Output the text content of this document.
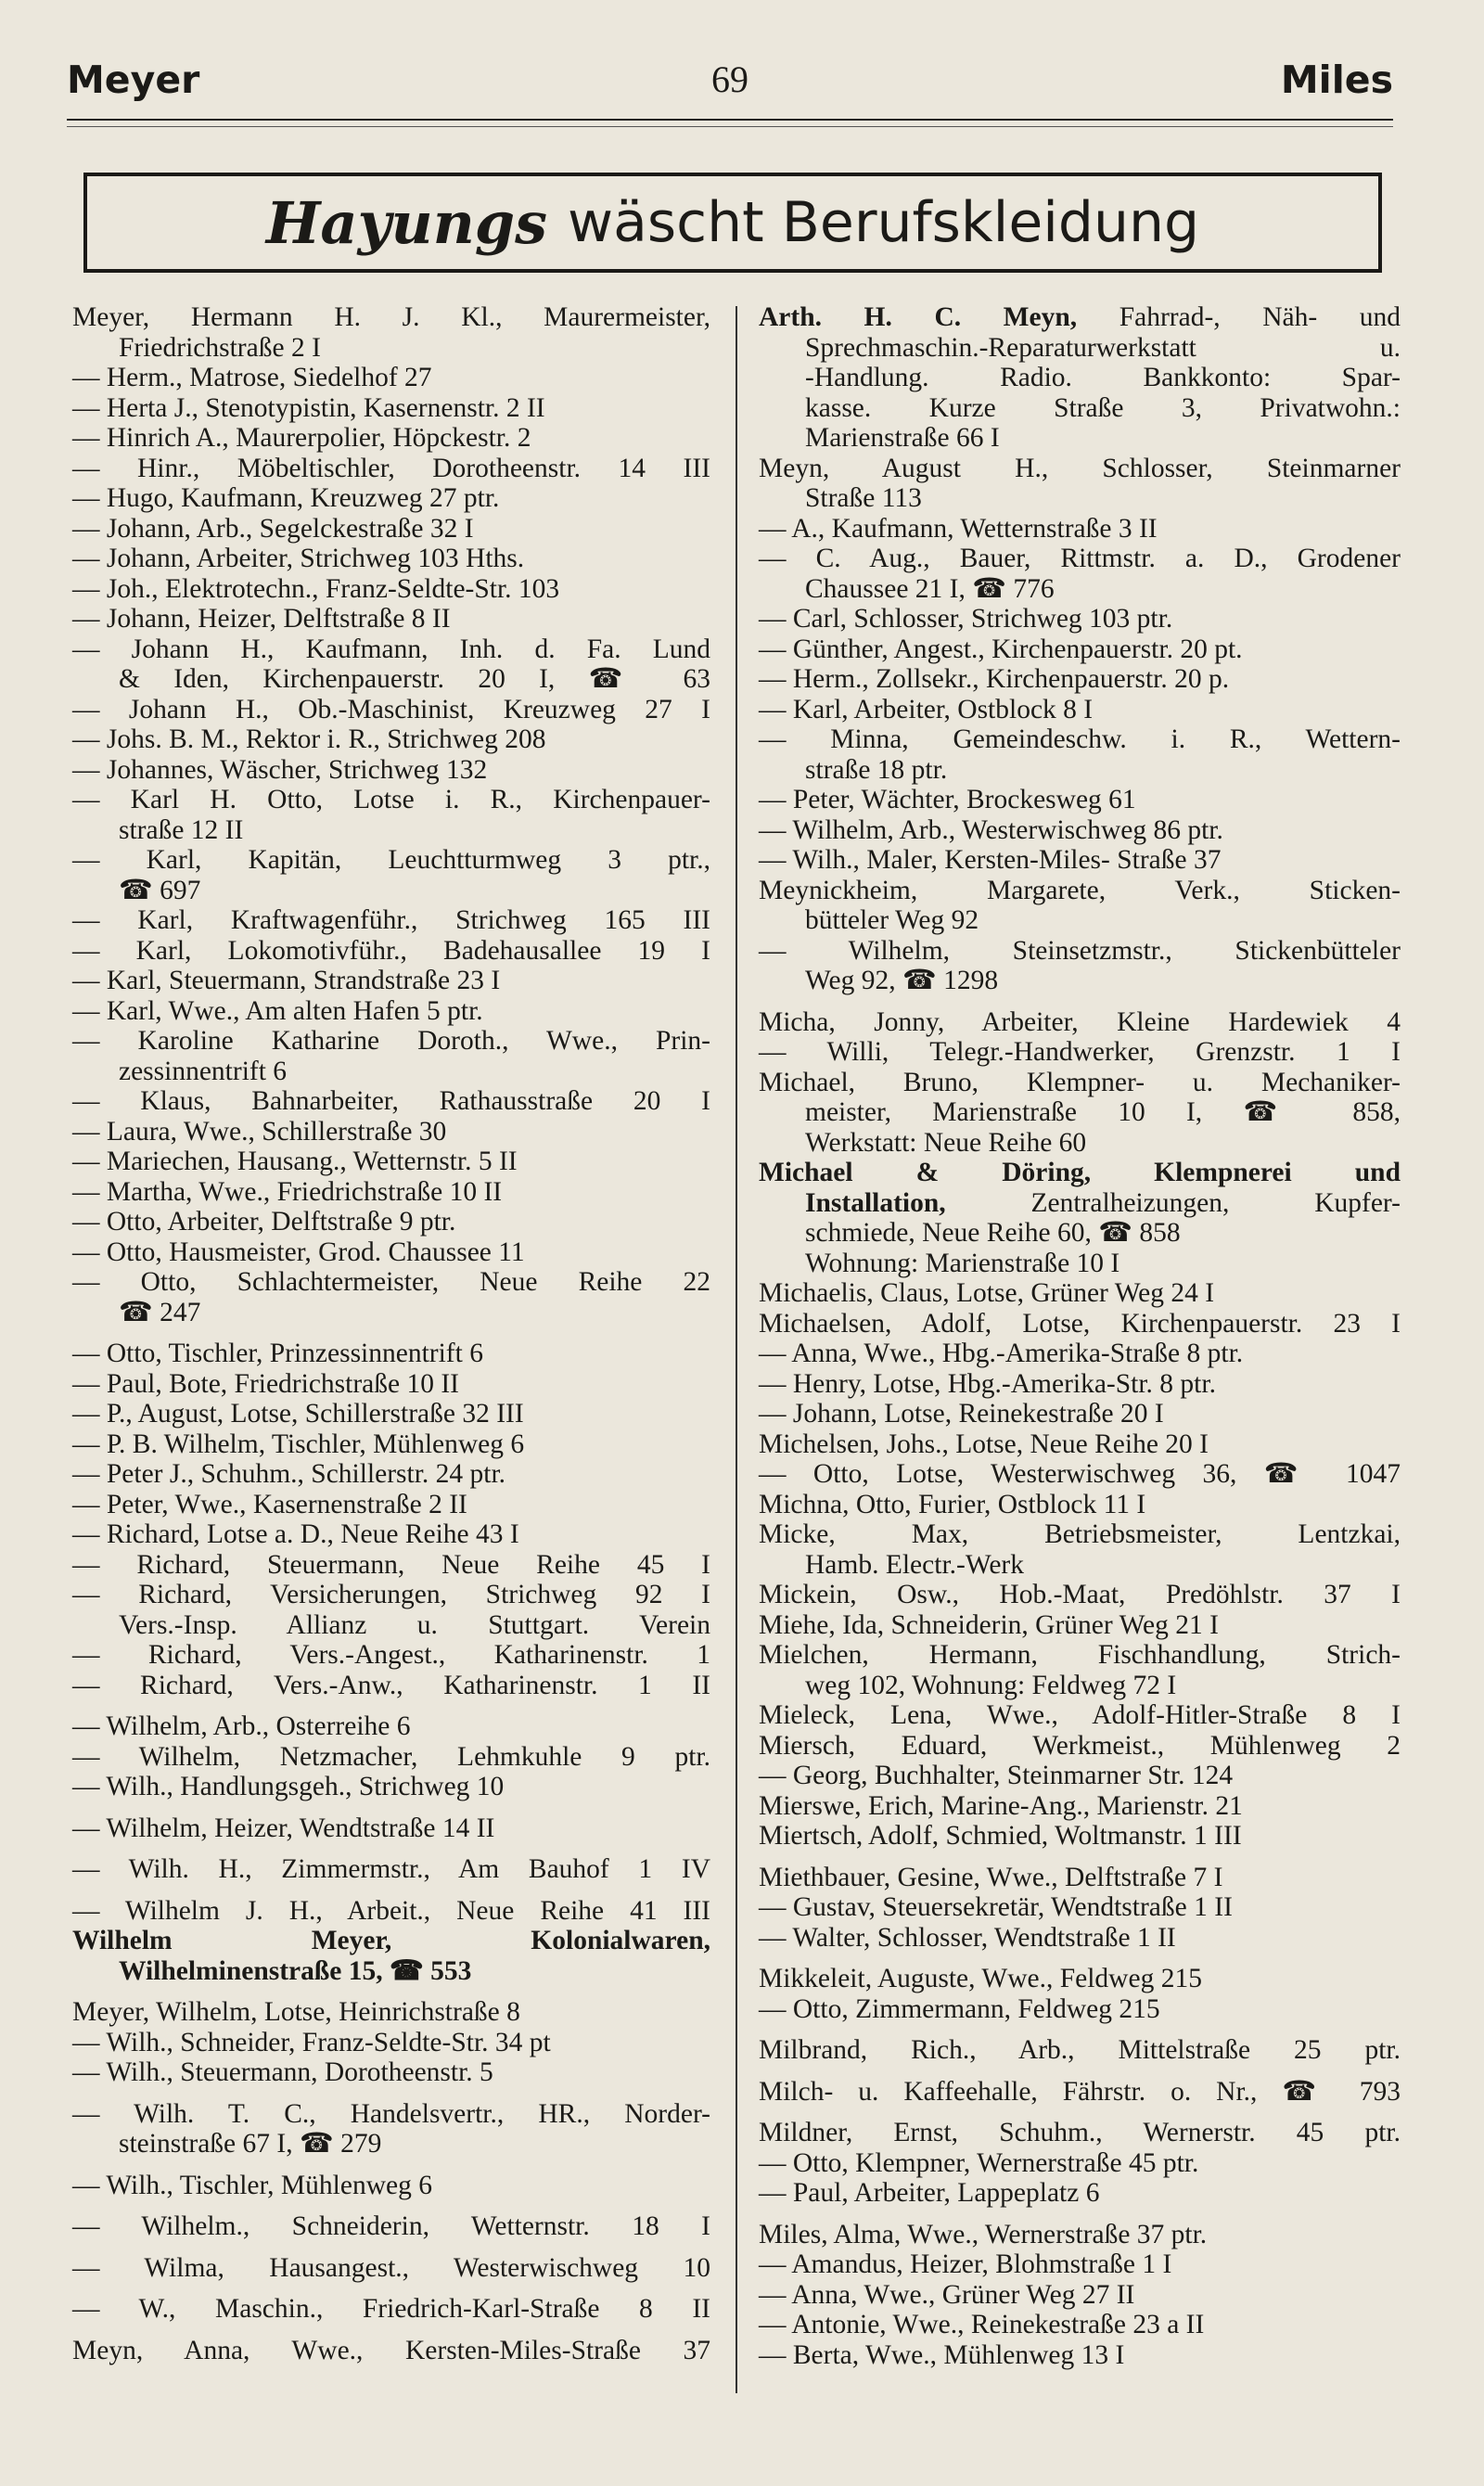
Meyer	69	Miles
Hayungs wäscht Berufskleidung
Meyer, Hermann H. J. Kl., Maurermeister,
Friedrichstraße 2 I
— Herm., Matrose, Siedelhof 27
— Herta J., Stenotypistin, Kasernenstr. 2 II
— Hinrich A., Maurerpolier, Höpckestr. 2
— Hinr., Möbeltischler, Dorotheenstr. 14 III
— Hugo, Kaufmann, Kreuzweg 27 ptr.
— Johann, Arb., Segelckestraße 32 I
— Johann, Arbeiter, Strichweg 103 Hths.
— Joh., Elektrotechn., Franz-Seldte-Str. 103
— Johann, Heizer, Delftstraße 8 II
— Johann H., Kaufmann, Inh. d. Fa. Lund
& Iden, Kirchenpauerstr. 20 I, ☎ 63
— Johann H., Ob.-Maschinist, Kreuzweg 27 I
— Johs. B. M., Rektor i. R., Strichweg 208
— Johannes, Wäscher, Strichweg 132
— Karl H. Otto, Lotse i. R., Kirchenpauer-
straße 12 II
— Karl, Kapitän, Leuchtturmweg 3 ptr.,
☎ 697
— Karl, Kraftwagenführ., Strichweg 165 III
— Karl, Lokomotivführ., Badehausallee 19 I
— Karl, Steuermann, Strandstraße 23 I
— Karl, Wwe., Am alten Hafen 5 ptr.
— Karoline Katharine Doroth., Wwe., Prin-
zessinnentrift 6
— Klaus, Bahnarbeiter, Rathausstraße 20 I
— Laura, Wwe., Schillerstraße 30
— Mariechen, Hausang., Wetternstr. 5 II
— Martha, Wwe., Friedrichstraße 10 II
— Otto, Arbeiter, Delftstraße 9 ptr.
— Otto, Hausmeister, Grod. Chaussee 11
— Otto, Schlachtermeister, Neue Reihe 22
☎ 247
— Otto, Tischler, Prinzessinnentrift 6
— Paul, Bote, Friedrichstraße 10 II
— P., August, Lotse, Schillerstraße 32 III
— P. B. Wilhelm, Tischler, Mühlenweg 6
— Peter J., Schuhm., Schillerstr. 24 ptr.
— Peter, Wwe., Kasernenstraße 2 II
— Richard, Lotse a. D., Neue Reihe 43 I
— Richard, Steuermann, Neue Reihe 45 I
— Richard, Versicherungen, Strichweg 92 I
Vers.-Insp. Allianz u. Stuttgart. Verein
— Richard, Vers.-Angest., Katharinenstr. 1
— Richard, Vers.-Anw., Katharinenstr. 1 II
— Wilhelm, Arb., Osterreihe 6
— Wilhelm, Netzmacher, Lehmkuhle 9 ptr.
— Wilh., Handlungsgeh., Strichweg 10
— Wilhelm, Heizer, Wendtstraße 14 II
— Wilh. H., Zimmermstr., Am Bauhof 1 IV
— Wilhelm J. H., Arbeit., Neue Reihe 41 III
Wilhelm Meyer, Kolonialwaren,
Wilhelminenstraße 15, ☎ 553
Meyer, Wilhelm, Lotse, Heinrichstraße 8
— Wilh., Schneider, Franz-Seldte-Str. 34 pt
— Wilh., Steuermann, Dorotheenstr. 5
— Wilh. T. C., Handelsvertr., HR., Norder-
steinstraße 67 I, ☎ 279
— Wilh., Tischler, Mühlenweg 6
— Wilhelm., Schneiderin, Wetternstr. 18 I
— Wilma, Hausangest., Westerwischweg 10
— W., Maschin., Friedrich-Karl-Straße 8 II
Meyn, Anna, Wwe., Kersten-Miles-Straße 37
Arth. H. C. Meyn, Fahrrad-, Näh- und
Sprechmaschin.-Reparaturwerkstatt u.
-Handlung. Radio. Bankkonto: Spar-
kasse. Kurze Straße 3, Privatwohn.:
Marienstraße 66 I
Meyn, August H., Schlosser, Steinmarner
Straße 113
— A., Kaufmann, Wetternstraße 3 II
— C. Aug., Bauer, Rittmstr. a. D., Grodener
Chaussee 21 I, ☎ 776
— Carl, Schlosser, Strichweg 103 ptr.
— Günther, Angest., Kirchenpauerstr. 20 pt.
— Herm., Zollsekr., Kirchenpauerstr. 20 p.
— Karl, Arbeiter, Ostblock 8 I
— Minna, Gemeindeschw. i. R., Wettern-
straße 18 ptr.
— Peter, Wächter, Brockesweg 61
— Wilhelm, Arb., Westerwischweg 86 ptr.
— Wilh., Maler, Kersten-Miles- Straße 37
Meynickheim, Margarete, Verk., Sticken-
bütteler Weg 92
— Wilhelm, Steinsetzmstr., Stickenbütteler
Weg 92, ☎ 1298
Micha, Jonny, Arbeiter, Kleine Hardewiek 4
— Willi, Telegr.-Handwerker, Grenzstr. 1 I
Michael, Bruno, Klempner- u. Mechaniker-
meister, Marienstraße 10 I, ☎ 858,
Werkstatt: Neue Reihe 60
Michael & Döring, Klempnerei und
Installation, Zentralheizungen, Kupfer-
schmiede, Neue Reihe 60, ☎ 858
Wohnung: Marienstraße 10 I
Michaelis, Claus, Lotse, Grüner Weg 24 I
Michaelsen, Adolf, Lotse, Kirchenpauerstr. 23 I
— Anna, Wwe., Hbg.-Amerika-Straße 8 ptr.
— Henry, Lotse, Hbg.-Amerika-Str. 8 ptr.
— Johann, Lotse, Reinekestraße 20 I
Michelsen, Johs., Lotse, Neue Reihe 20 I
— Otto, Lotse, Westerwischweg 36, ☎ 1047
Michna, Otto, Furier, Ostblock 11 I
Micke, Max, Betriebsmeister, Lentzkai,
Hamb. Electr.-Werk
Mickein, Osw., Hob.-Maat, Predöhlstr. 37 I
Miehe, Ida, Schneiderin, Grüner Weg 21 I
Mielchen, Hermann, Fischhandlung, Strich-
weg 102, Wohnung: Feldweg 72 I
Mieleck, Lena, Wwe., Adolf-Hitler-Straße 8 I
Miersch, Eduard, Werkmeist., Mühlenweg 2
— Georg, Buchhalter, Steinmarner Str. 124
Mierswe, Erich, Marine-Ang., Marienstr. 21
Miertsch, Adolf, Schmied, Woltmanstr. 1 III
Miethbauer, Gesine, Wwe., Delftstraße 7 I
— Gustav, Steuersekretär, Wendtstraße 1 II
— Walter, Schlosser, Wendtstraße 1 II
Mikkeleit, Auguste, Wwe., Feldweg 215
— Otto, Zimmermann, Feldweg 215
Milbrand, Rich., Arb., Mittelstraße 25 ptr.
Milch- u. Kaffeehalle, Fährstr. o. Nr., ☎ 793
Mildner, Ernst, Schuhm., Wernerstr. 45 ptr.
— Otto, Klempner, Wernerstraße 45 ptr.
— Paul, Arbeiter, Lappeplatz 6
Miles, Alma, Wwe., Wernerstraße 37 ptr.
— Amandus, Heizer, Blohmstraße 1 I
— Anna, Wwe., Grüner Weg 27 II
— Antonie, Wwe., Reinekestraße 23 a II
— Berta, Wwe., Mühlenweg 13 I
